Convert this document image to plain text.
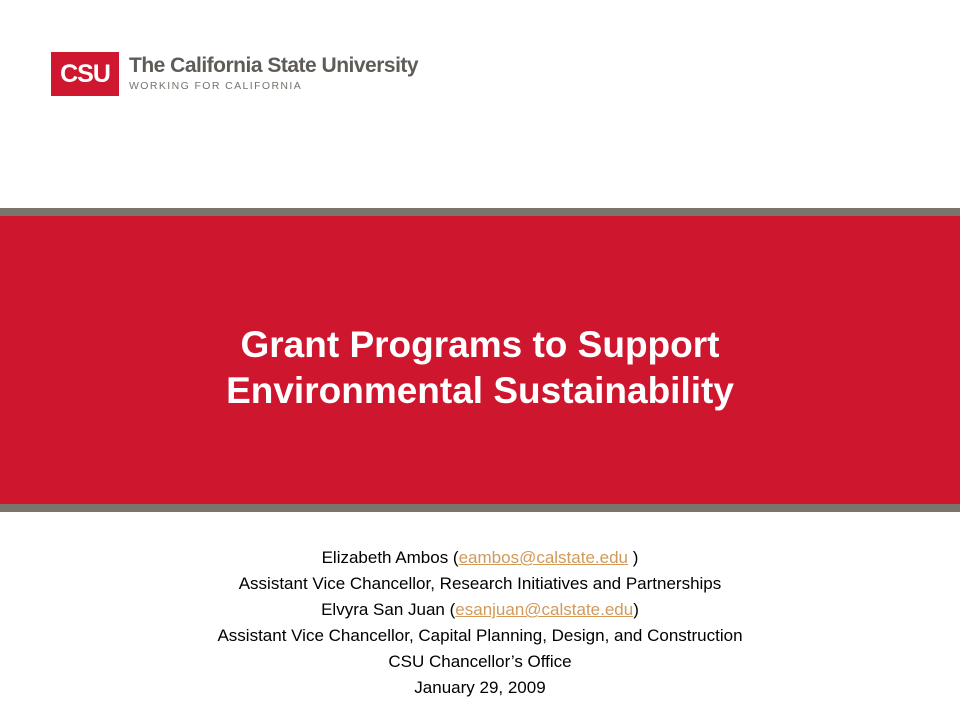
CSU The California State University
WORKING FOR CALIFORNIA
Grant Programs to Support
Environmental Sustainability
Elizabeth Ambos (eambos@calstate.edu )
Assistant Vice Chancellor, Research Initiatives and Partnerships
Elvyra San Juan (esanjuan@calstate.edu)
Assistant Vice Chancellor, Capital Planning, Design, and Construction
CSU Chancellor’s Office
January 29, 2009
